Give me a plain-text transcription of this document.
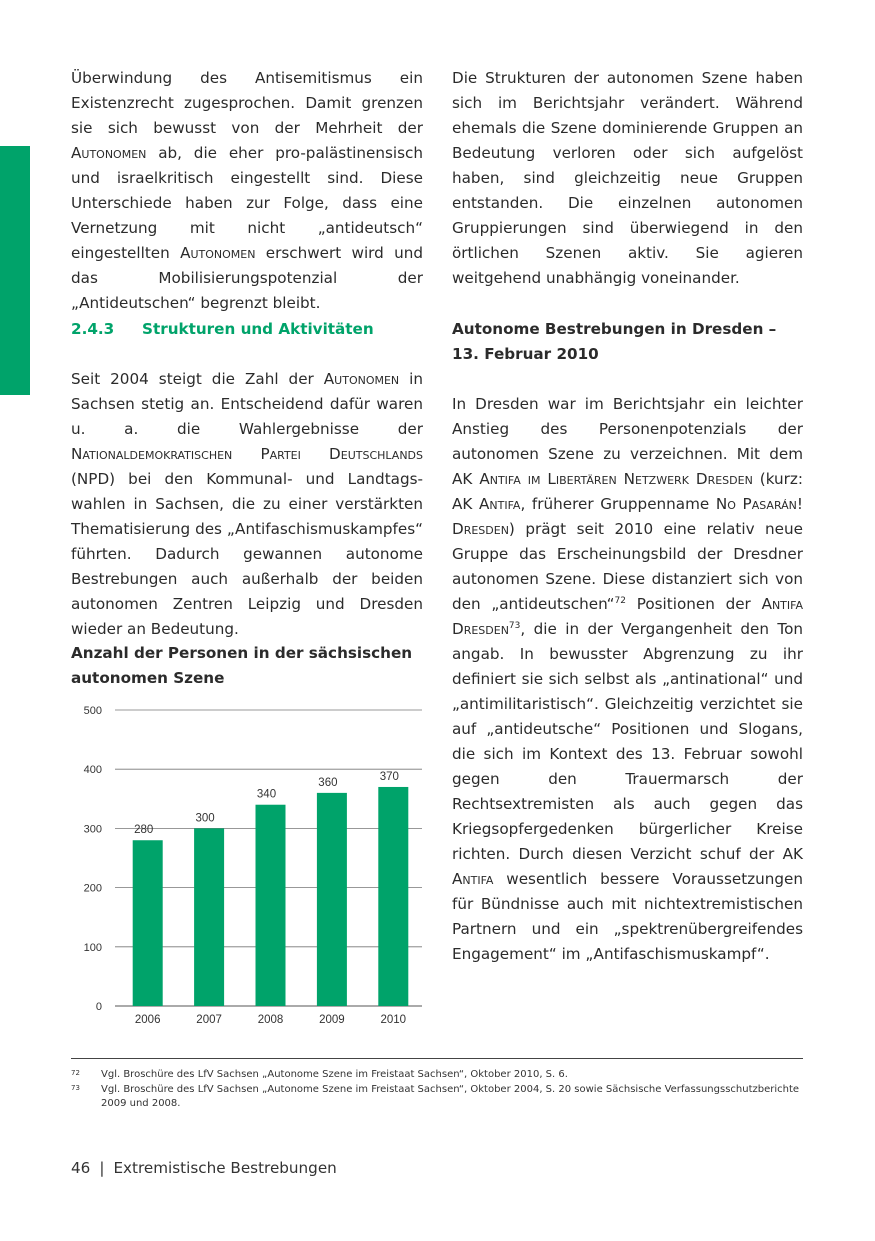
Überwindung des Antisemitismus ein Existenzrecht zugesprochen. Damit grenzen sie sich bewusst von der Mehrheit der Autonomen ab, die eher pro-palästinensisch und israelkritisch eingestellt sind. Diese Unterschiede haben zur Folge, dass eine Vernetzung mit nicht „antideutsch“ eingestellten Autonomen erschwert wird und das Mobilisierungspotenzial der „Antideutschen“ begrenzt bleibt.

2.4.3 Strukturen und Aktivitäten

Seit 2004 steigt die Zahl der Autonomen in Sachsen stetig an. Entscheidend dafür waren u. a. die Wahlergebnisse der Nationaldemokratischen Partei Deutschlands (NPD) bei den Kommunal- und Landtagswahlen in Sachsen, die zu einer verstärkten Thematisierung des „Antifaschismuskampfes“ führten. Dadurch gewannen autonome Bestrebungen auch außerhalb der beiden autonomen Zentren Leipzig und Dresden wieder an Bedeutung.

Anzahl der Personen in der sächsischen
autonomen Szene

0
100
200
300
400
500
280
2006
300
2007
340
2008
360
2009
370
2010

Die Strukturen der autonomen Szene haben sich im Berichtsjahr verändert. Während ehemals die Szene dominierende Gruppen an Bedeutung verloren oder sich aufgelöst haben, sind gleichzeitig neue Gruppen entstanden. Die einzelnen autonomen Gruppierungen sind überwiegend in den örtlichen Szenen aktiv. Sie agieren weitgehend unabhängig voneinander.

Autonome Bestrebungen in Dresden –
13. Februar 2010

In Dresden war im Berichtsjahr ein leichter Anstieg des Personenpotenzials der autonomen Szene zu verzeichnen. Mit dem AK Antifa im Libertären Netzwerk Dresden (kurz: AK Antifa, früherer Gruppenname No Pasarán! Dresden) prägt seit 2010 eine relativ neue Gruppe das Erscheinungsbild der Dresdner autonomen Szene. Diese distanziert sich von den „antideutschen“$^{72}$ Positionen der Antifa Dresden$^{73}$, die in der Vergangenheit den Ton angab. In bewusster Abgrenzung zu ihr definiert sie sich selbst als „antinational“ und „antimilitaristisch“. Gleichzeitig verzichtet sie auf „antideutsche“ Positionen und Slogans, die sich im Kontext des 13. Februar sowohl gegen den Trauermarsch der Rechtsextremisten als auch gegen das Kriegsopfergedenken bürgerlicher Kreise richten. Durch diesen Verzicht schuf der AK Antifa wesentlich bessere Voraussetzungen für Bündnisse auch mit nichtextremistischen Partnern und ein „spektrenübergreifendes Engagement“ im „Antifaschismuskampf“.

72	Vgl. Broschüre des LfV Sachsen „Autonome Szene im Freistaat Sachsen“, Oktober 2010, S. 6.
73	Vgl. Broschüre des LfV Sachsen „Autonome Szene im Freistaat Sachsen“, Oktober 2004, S. 20 sowie Sächsische Verfassungsschutzberichte 2009 und 2008.
46 | Extremistische Bestrebungen
